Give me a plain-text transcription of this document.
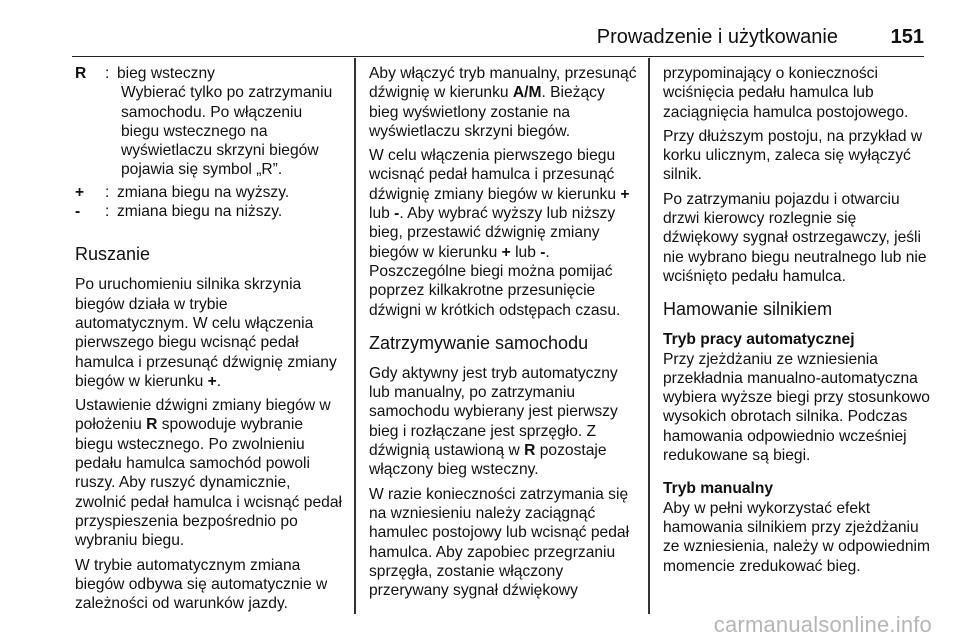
Prowadzenie i użytkowanie	151
R	: bieg wsteczny

Wybierać tylko po zatrzymaniu samochodu. Po włączeniu biegu wstecznego na wyświetlaczu skrzyni biegów pojawia się symbol „R”.

+	: zmiana biegu na wyższy.
-	: zmiana biegu na niższy.
Ruszanie

Po uruchomieniu silnika skrzynia biegów działa w trybie automatycznym. W celu włączenia pierwszego biegu wcisnąć pedał hamulca i przesunąć dźwignię zmiany biegów w kierunku +.

Ustawienie dźwigni zmiany biegów w położeniu R spowoduje wybranie biegu wstecznego. Po zwolnieniu pedału hamulca samochód powoli ruszy. Aby ruszyć dynamicznie, zwolnić pedał hamulca i wcisnąć pedał przyspieszenia bezpośrednio po wybraniu biegu.

W trybie automatycznym zmiana biegów odbywa się automatycznie w zależności od warunków jazdy.

Aby włączyć tryb manualny, przesunąć dźwignię w kierunku A/M. Bieżący bieg wyświetlony zostanie na wyświetlaczu skrzyni biegów.

W celu włączenia pierwszego biegu wcisnąć pedał hamulca i przesunąć dźwignię zmiany biegów w kierunku + lub -. Aby wybrać wyższy lub niższy bieg, przestawić dźwignię zmiany biegów w kierunku + lub -.

Poszczególne biegi można pomijać poprzez kilkakrotne przesunięcie dźwigni w krótkich odstępach czasu.

Zatrzymywanie samochodu

Gdy aktywny jest tryb automatyczny lub manualny, po zatrzymaniu samochodu wybierany jest pierwszy bieg i rozłączane jest sprzęgło. Z dźwignią ustawioną w R pozostaje włączony bieg wsteczny.

W razie konieczności zatrzymania się na wzniesieniu należy zaciągnąć hamulec postojowy lub wcisnąć pedał hamulca. Aby zapobiec przegrzaniu sprzęgła, zostanie włączony przerywany sygnał dźwiękowy

przypominający o konieczności wciśnięcia pedału hamulca lub zaciągnięcia hamulca postojowego.

Przy dłuższym postoju, na przykład w korku ulicznym, zaleca się wyłączyć silnik.

Po zatrzymaniu pojazdu i otwarciu drzwi kierowcy rozlegnie się dźwiękowy sygnał ostrzegawczy, jeśli nie wybrano biegu neutralnego lub nie wciśnięto pedału hamulca.

Hamowanie silnikiem
Tryb pracy automatycznej

Przy zjeżdżaniu ze wzniesienia przekładnia manualno-automatyczna wybiera wyższe biegi przy stosunkowo wysokich obrotach silnika. Podczas hamowania odpowiednio wcześniej redukowane są biegi.

Tryb manualny

Aby w pełni wykorzystać efekt hamowania silnikiem przy zjeżdżaniu ze wzniesienia, należy w odpowiednim momencie zredukować bieg.

carmanualsonline.info
